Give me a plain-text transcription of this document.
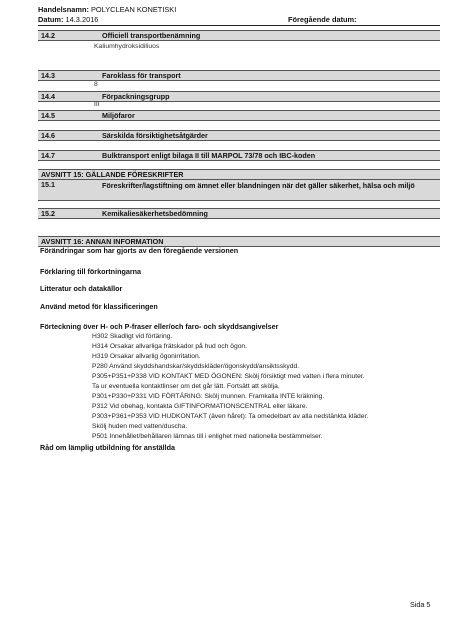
Handelsnamn: POLYCLEAN KONETISKI
Datum: 14.3.2016	Föregående datum:
14.2	Officiell transportbenämning
Kaliumhydroksidiliuos
14.3	Faroklass för transport
8
14.4	Förpackningsgrupp
III
14.5	Miljöfaror
14.6	Särskilda försiktighetsåtgärder
14.7	Bulktransport enligt bilaga II till MARPOL 73/78 och IBC-koden
AVSNITT 15: GÄLLANDE FÖRESKRIFTER
15.1	Föreskrifter/lagstiftning om ämnet eller blandningen när det gäller säkerhet, hälsa och miljö
15.2	Kemikaliesäkerhetsbedömning
AVSNITT 16: ANNAN INFORMATION
Förändringar som har gjorts av den föregående versionen
Förklaring till förkortningarna
Litteratur och datakällor
Använd metod för klassificeringen
Förteckning över H- och P-fraser eller/och faro- och skyddsangivelser
H302 Skadligt vid förtäring.
H314 Orsakar allvarliga frätskador på hud och ögon.
H319 Orsakar allvarlig ögonirritation.
P280 Använd skyddshandskar/skyddskläder/ögonskydd/ansiktsskydd.
P305+P351+P338 VID KONTAKT MED ÖGONEN: Skölj försiktigt med vatten i flera minuter.
Ta ur eventuella kontaktlinser om det går lätt. Fortsätt att skölja.
P301+P330+P331 VID FÖRTÄRING: Skölj munnen. Framkalla INTE kräkning.
P312 Vid obehag, kontakta GIFTINFORMATIONSCENTRAL eller läkare.
P303+P361+P353 VID HUDKONTAKT (även håret): Ta omedelbart av alla nedstänkta kläder.
Skölj huden med vatten/duscha.
P501 Innehållet/behållaren lämnas till i enlighet med nationella bestämmelser.
Råd om lämplig utbildning för anställda
Sida 5
